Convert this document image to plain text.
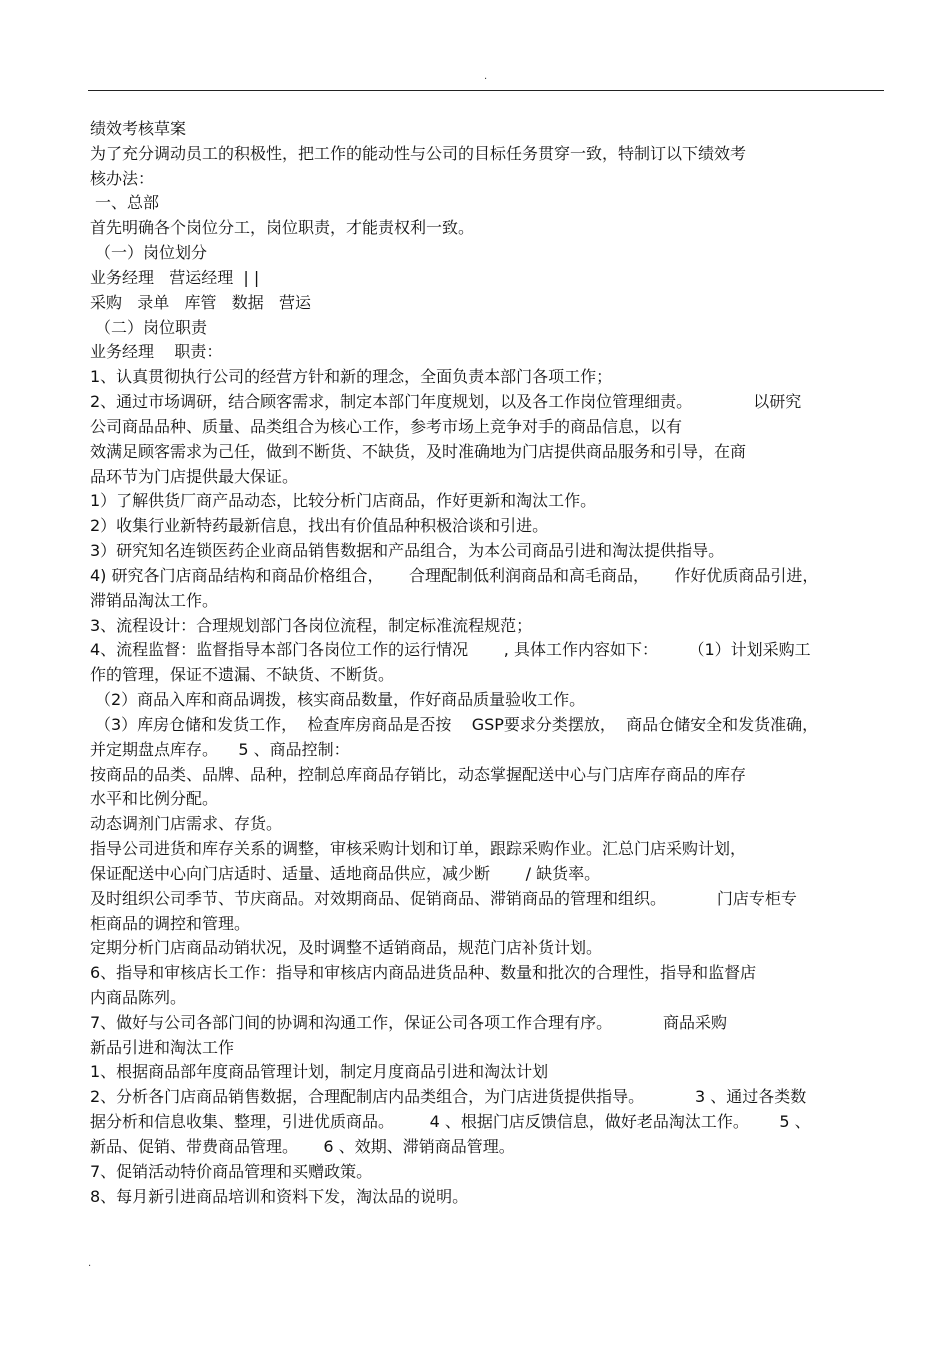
.
绩效考核草案
为了充分调动员工的积极性，把工作的能动性与公司的目标任务贯穿一致，特制订以下绩效考
核办法：
一、总部
首先明确各个岗位分工，岗位职责，才能责权利一致。
（一）岗位划分
业务经理   营运经理  | |
采购   录单   库管   数据   营运
（二）岗位职责
业务经理    职责：
1、认真贯彻执行公司的经营方针和新的理念，全面负责本部门各项工作；
2、通过市场调研，结合顾客需求，制定本部门年度规划，以及各工作岗位管理细责。            以研究
公司商品品种、质量、品类组合为核心工作，参考市场上竞争对手的商品信息，以有
效满足顾客需求为己任，做到不断货、不缺货，及时准确地为门店提供商品服务和引导，在商
品环节为门店提供最大保证。
1）了解供货厂商产品动态，比较分析门店商品，作好更新和淘汰工作。
2）收集行业新特药最新信息，找出有价值品种积极洽谈和引进。
3）研究知名连锁医药企业商品销售数据和产品组合，为本公司商品引进和淘汰提供指导。
4) 研究各门店商品结构和商品价格组合，     合理配制低利润商品和高毛商品，     作好优质商品引进，
滞销品淘汰工作。
3、流程设计：合理规划部门各岗位流程，制定标准流程规范；
4、流程监督：监督指导本部门各岗位工作的运行情况       , 具体工作内容如下：      （1）计划采购工
作的管理，保证不遗漏、不缺货、不断货。
（2）商品入库和商品调拨，核实商品数量，作好商品质量验收工作。
（3）库房仓储和发货工作，  检查库房商品是否按    GSP要求分类摆放，  商品仓储安全和发货准确，
并定期盘点库存。    5 、商品控制：
按商品的品类、品牌、品种，控制总库商品存销比，动态掌握配送中心与门店库存商品的库存
水平和比例分配。
动态调剂门店需求、存货。
指导公司进货和库存关系的调整，审核采购计划和订单，跟踪采购作业。汇总门店采购计划，
保证配送中心向门店适时、适量、适地商品供应，减少断       / 缺货率。
及时组织公司季节、节庆商品。对效期商品、促销商品、滞销商品的管理和组织。          门店专柜专
柜商品的调控和管理。
定期分析门店商品动销状况，及时调整不适销商品，规范门店补货计划。
6、指导和审核店长工作：指导和审核店内商品进货品种、数量和批次的合理性，指导和监督店
内商品陈列。
7、做好与公司各部门间的协调和沟通工作，保证公司各项工作合理有序。          商品采购
新品引进和淘汰工作
1、根据商品部年度商品管理计划，制定月度商品引进和淘汰计划
2、分析各门店商品销售数据，合理配制店内品类组合，为门店进货提供指导。          3 、通过各类数
据分析和信息收集、整理，引进优质商品。       4 、根据门店反馈信息，做好老品淘汰工作。      5 、
新品、促销、带费商品管理。     6 、效期、滞销商品管理。
7、促销活动特价商品管理和买赠政策。
8、每月新引进商品培训和资料下发，淘汰品的说明。
.
